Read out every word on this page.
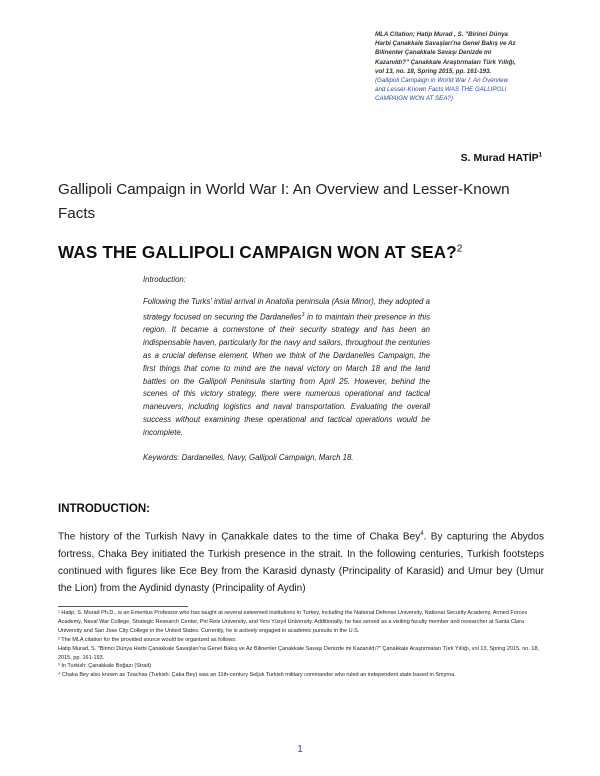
MLA Citation; Hatip Murad , S. "Birinci Dünya
Harbi Çanakkale Savaşları'na Genel Bakış ve Az
Bilinenler Çanakkale Savaşı Denizde mi
Kazanıldı?" Çanakkale Araştırmaları Türk Yıllığı,
vol 13, no. 18, Spring 2015, pp. 161-193.
(Gallipoli Campaign in World War I: An Overview
and Lesser-Known Facts WAS THE GALLIPOLI
CAMPAIGN WON AT SEA?)
S. Murad HATİP$^1$
Gallipoli Campaign in World War I: An Overview and Lesser-Known Facts
WAS THE GALLIPOLI CAMPAIGN WON AT SEA?$^2$
Introduction:
Following the Turks' initial arrival in Anatolia peninsula (Asia Minor), they adopted a strategy focused on securing the Dardanelles$^3$ in to maintain their presence in this region. It became a cornerstone of their security strategy and has been an indispensable haven, particularly for the navy and sailors, throughout the centuries as a crucial defense element. When we think of the Dardanelles Campaign, the first things that come to mind are the naval victory on March 18 and the land battles on the Gallipoli Peninsula starting from April 25. However, behind the scenes of this victory strategy, there were numerous operational and tactical maneuvers, including logistics and naval transportation. Evaluating the overall success without examining these operational and tactical operations would be incomplete.
Keywords: Dardanelles, Navy, Gallipoli Campaign, March 18.
INTRODUCTION:
The history of the Turkish Navy in Çanakkale dates to the time of Chaka Bey$^4$. By capturing the Abydos fortress, Chaka Bey initiated the Turkish presence in the strait. In the following centuries, Turkish footsteps continued with figures like Ece Bey from the Karasid dynasty (Principality of Karasid) and Umur bey (Umur the Lion) from the Aydinid dynasty (Principality of Aydin)
¹ Hatip, S. Murad Ph.D., is an Emeritus Professor who has taught at several esteemed institutions in Turkey, including the National Defense University, National Security Academy, Armed Forces Academy, Naval War College, Strategic Research Center, Piri Reis University, and Yeni Yüzyıl University. Additionally, he has served as a visiting faculty member and researcher at Santa Clara University and San Jose City College in the United States. Currently, he is actively engaged in academic pursuits in the U.S.
² The MLA citation for the provided source would be organized as follows:
Hatip Murad, S. "Birinci Dünya Harbi Çanakkale Savaşları'na Genel Bakış ve Az Bilinenler Çanakkale Savaşı Denizde mi Kazanıldı?" Çanakkale Araştırmaları Türk Yıllığı, vol 13, Spring 2015, no. 18, 2015, pp. 161-193.
³ In Turkish; Çanakkale Boğazı (Strait)
⁴ Chaka Bey also known as Tzachas (Turkish: Çaka Bey) was an 11th-century Seljuk Turkish military commander who ruled an independent state based in Smyrna.
1
